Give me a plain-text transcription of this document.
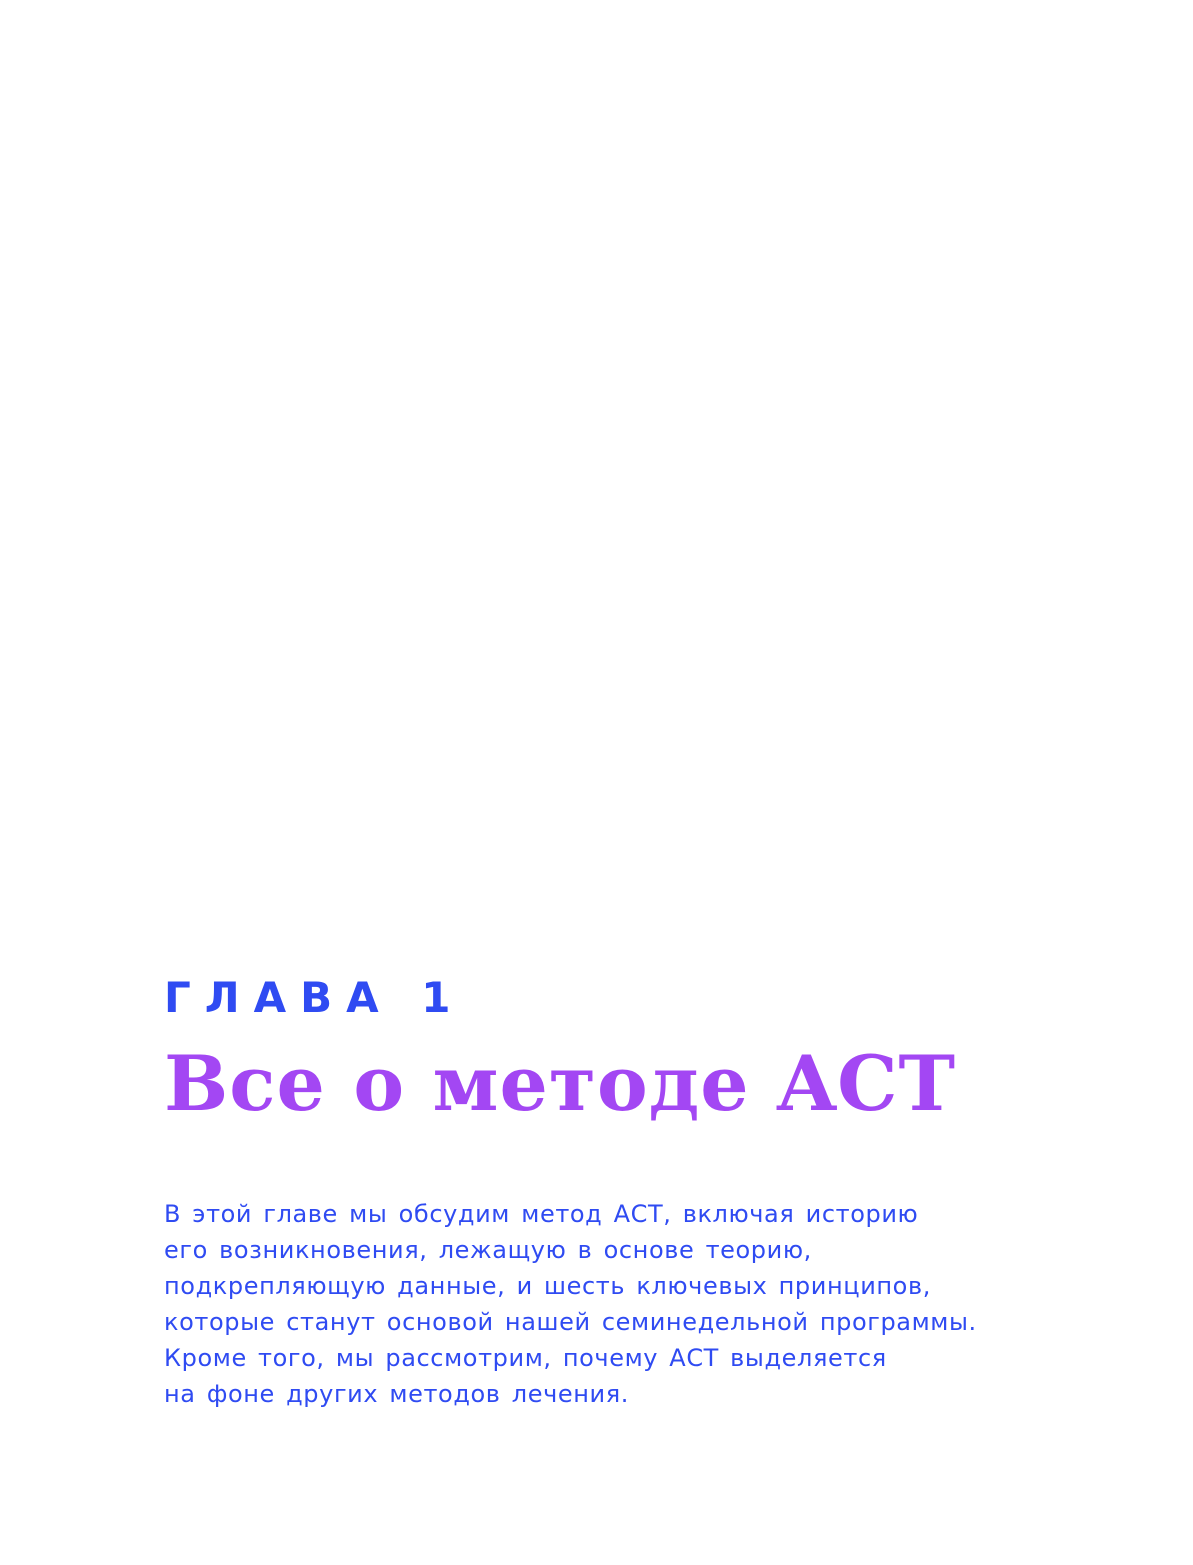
ГЛАВА 1
Все о методе ACT

В этой главе мы обсудим метод АСТ, включая историю
его возникновения, лежащую в основе теорию,
подкрепляющую данные, и шесть ключевых принципов,
которые станут основой нашей семинедельной программы.
Кроме того, мы рассмотрим, почему АСТ выделяется
на фоне других методов лечения.
